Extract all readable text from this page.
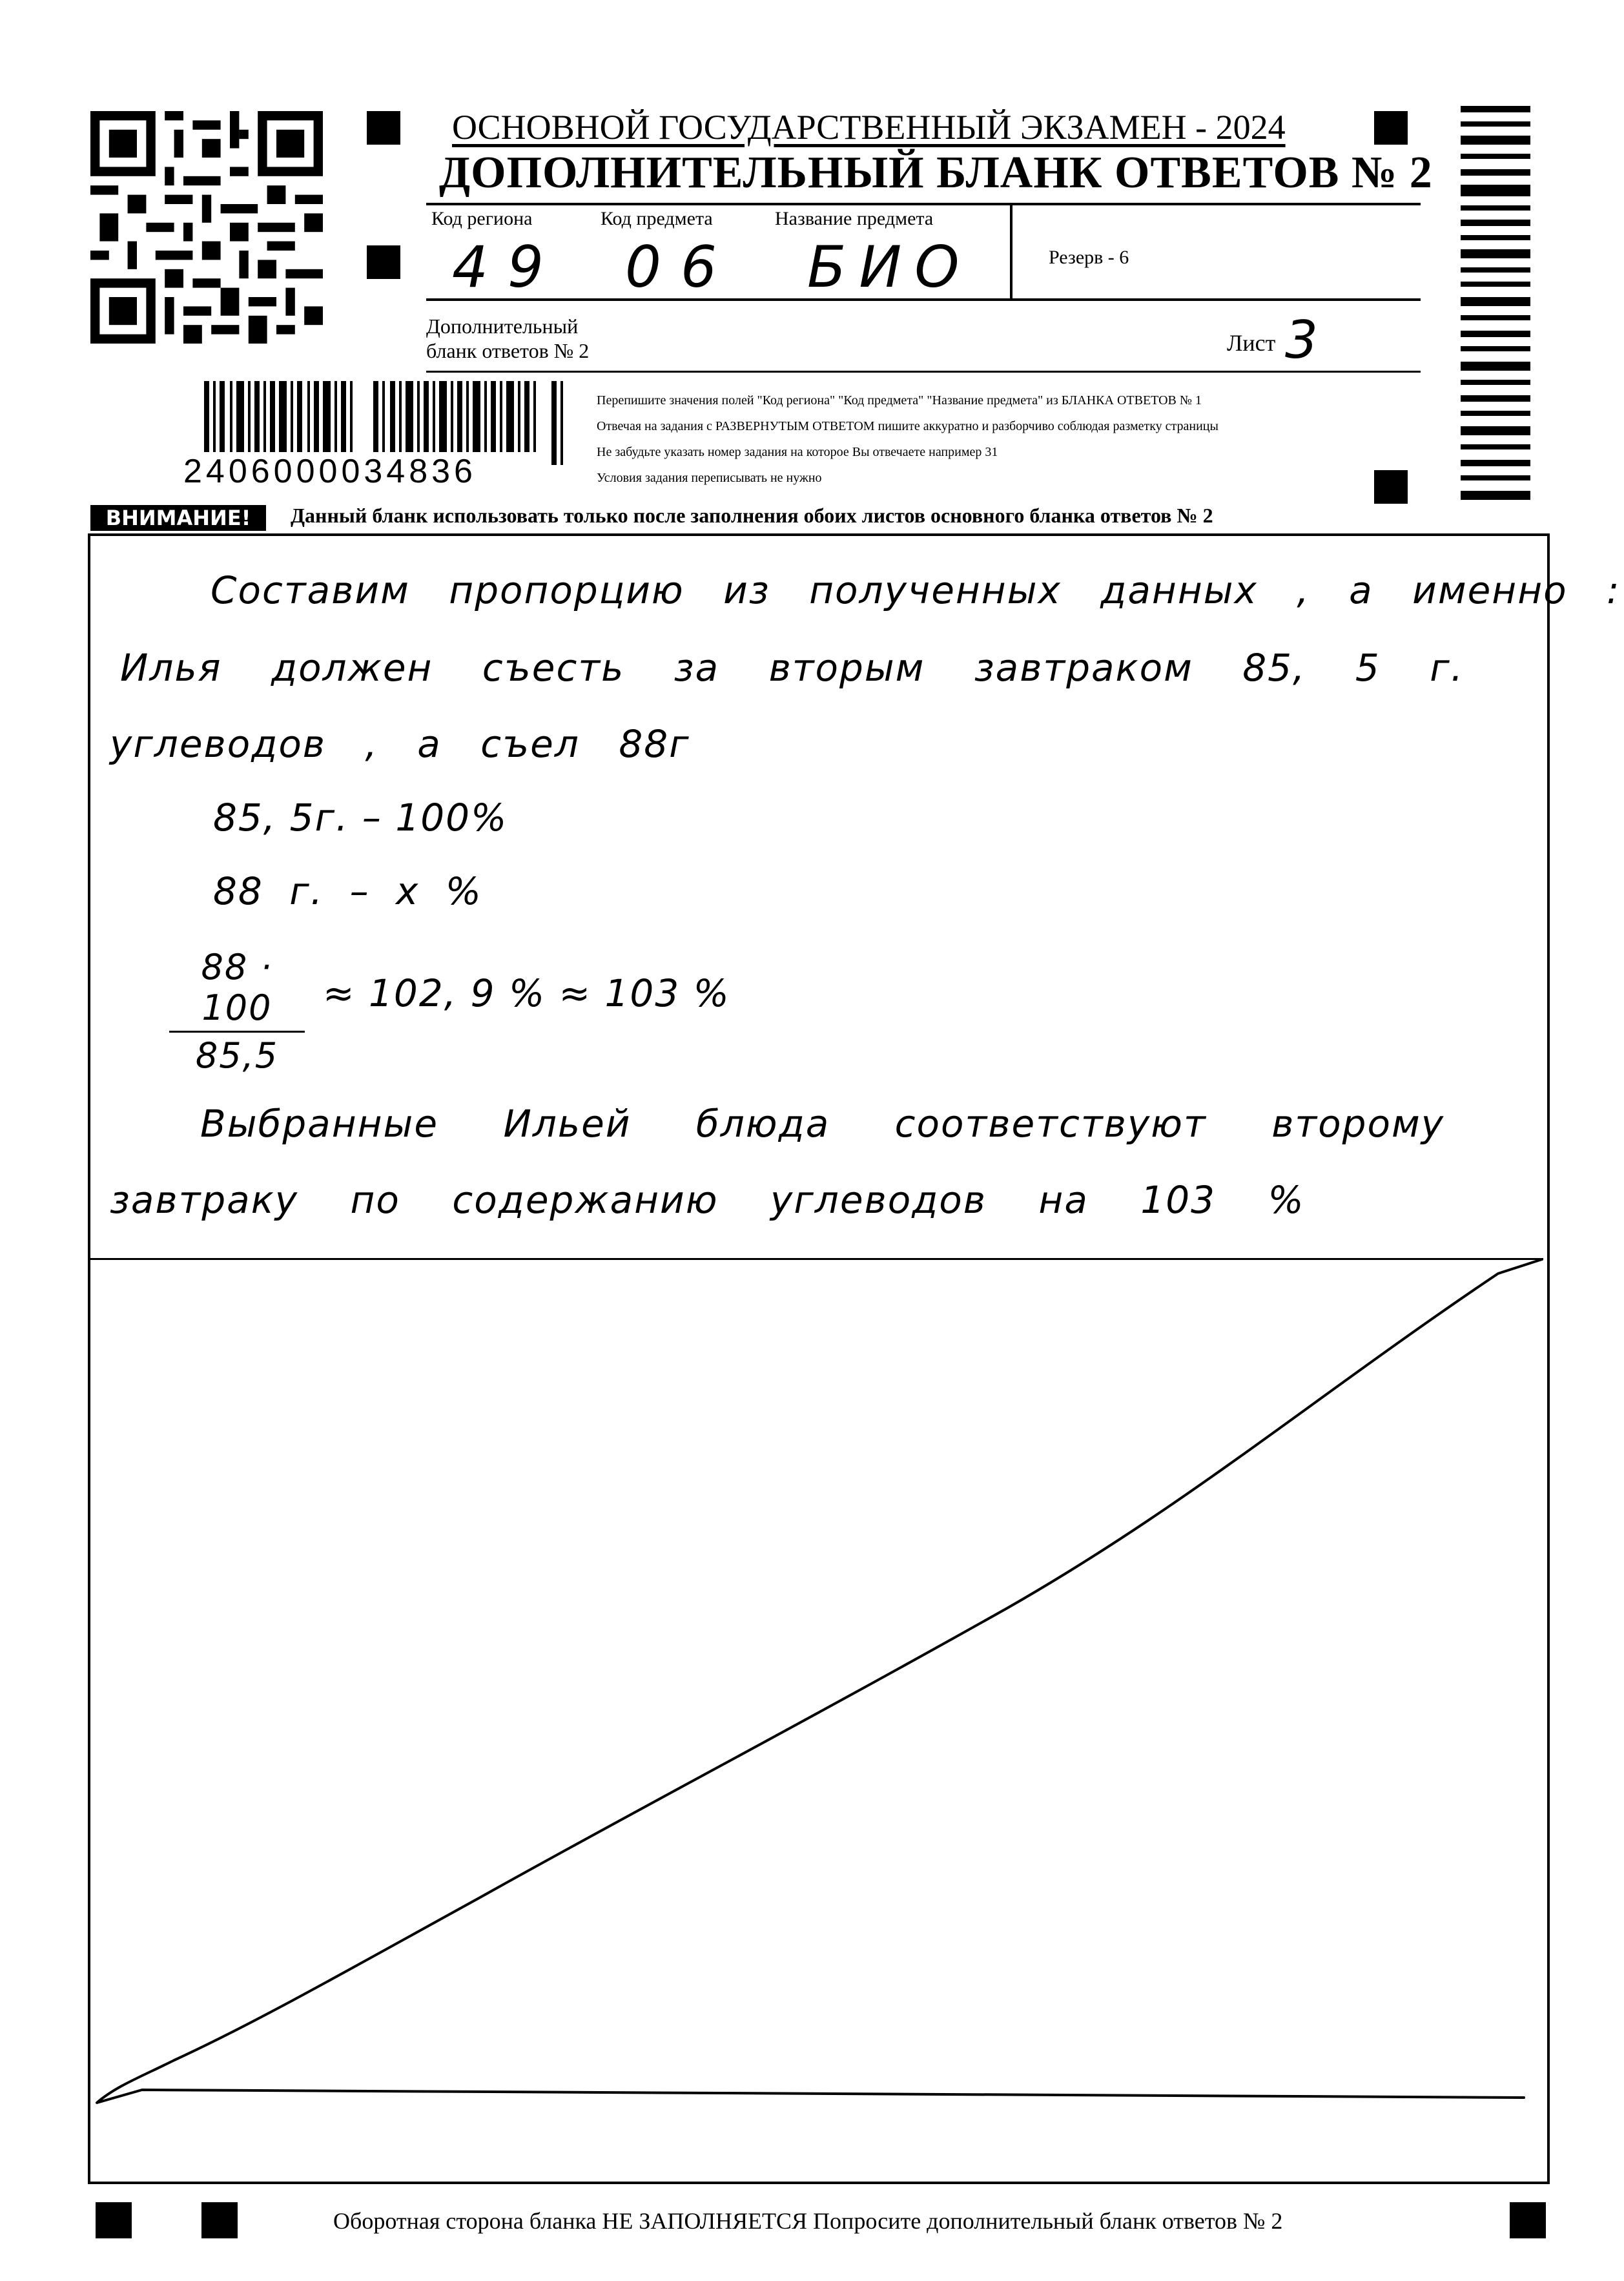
ОСНОВНОЙ ГОСУДАРСТВЕННЫЙ ЭКЗАМЕН - 2024
ДОПОЛНИТЕЛЬНЫЙ БЛАНК ОТВЕТОВ № 2
Код региона	Код предмета	Название предмета
49 06 БИО	Резерв - 6
Дополнительный
бланк ответов № 2	Лист 3
2406000034836
Перепишите значения полей "Код региона" "Код предмета" "Название предмета" из БЛАНКА ОТВЕТОВ № 1
Отвечая на задания с РАЗВЕРНУТЫМ ОТВЕТОМ пишите аккуратно и разборчиво соблюдая разметку страницы
Не забудьте указать номер задания на которое Вы отвечаете например 31
Условия задания переписывать не нужно
ВНИМАНИЕ!	Данный бланк использовать только после заполнения обоих листов основного бланка ответов № 2
Составим пропорцию из полученных данных , а именно :
Илья должен съесть за вторым завтраком 85, 5 г.
углеводов , а съел 88г
85, 5г. – 100%
88 г. – х %
$\frac{88 \cdot 100}{85,5} \approx 102$, 9 % ≈ 103 %
Выбранные Ильей блюда соответствуют второму
завтраку по содержанию углеводов на 103 %
Оборотная сторона бланка НЕ ЗАПОЛНЯЕТСЯ Попросите дополнительный бланк ответов № 2
